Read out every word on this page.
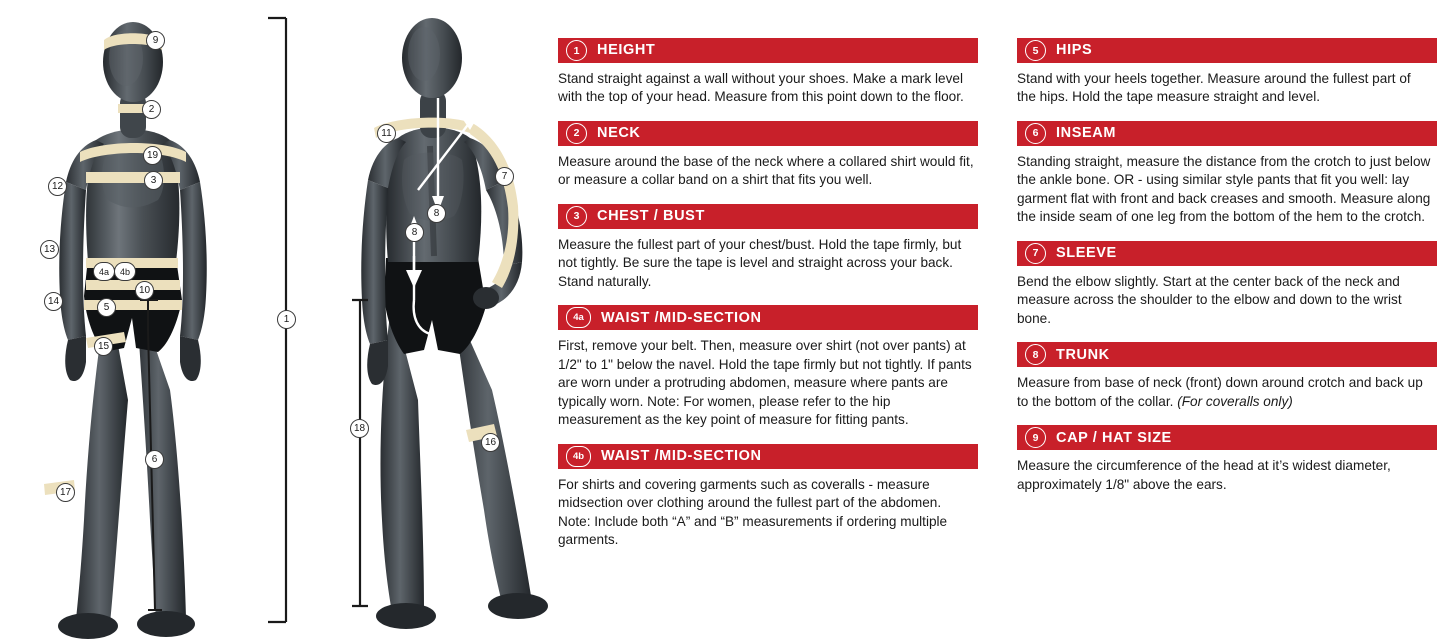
9
2
19
3
12
13
4a	4b
14
10
5
15
6
17
1
11
7
8
8
18
16
1	HEIGHT
Stand straight against a wall without your shoes. Make a mark level with the top of your head. Measure from this point down to the floor.
2	NECK
Measure around the base of the neck where a collared shirt would fit, or measure a collar band on a shirt that fits you well.
3	CHEST / BUST
Measure the fullest part of your chest/bust. Hold the tape firmly, but not tightly. Be sure the tape is level and straight across your back. Stand naturally.
4a	WAIST /MID-SECTION
First, remove your belt. Then, measure over shirt (not over pants) at 1/2" to 1" below the navel. Hold the tape firmly but not tightly. If pants are worn under a protruding abdomen, measure where pants are typically worn. Note: For women, please refer to the hip measurement as the key point of measure for fitting pants.
4b	WAIST /MID-SECTION
For shirts and covering garments such as coveralls - measure midsection over clothing around the fullest part of the abdomen. Note: Include both “A” and “B” measurements if ordering multiple garments.
5	HIPS
Stand with your heels together. Measure around the fullest part of the hips. Hold the tape measure straight and level.
6	INSEAM
Standing straight, measure the distance from the crotch to just below the ankle bone. OR - using similar style pants that fit you well: lay garment flat with front and back creases and smooth. Measure along the inside seam of one leg from the bottom of the hem to the crotch.
7	SLEEVE
Bend the elbow slightly. Start at the center back of the neck and measure across the shoulder to the elbow and down to the wrist bone.
8	TRUNK
Measure from base of neck (front) down around crotch and back up to the bottom of the collar. (For coveralls only)
9	CAP / HAT SIZE
Measure the circumference of the head at it’s widest diameter, approximately 1/8" above the ears.
